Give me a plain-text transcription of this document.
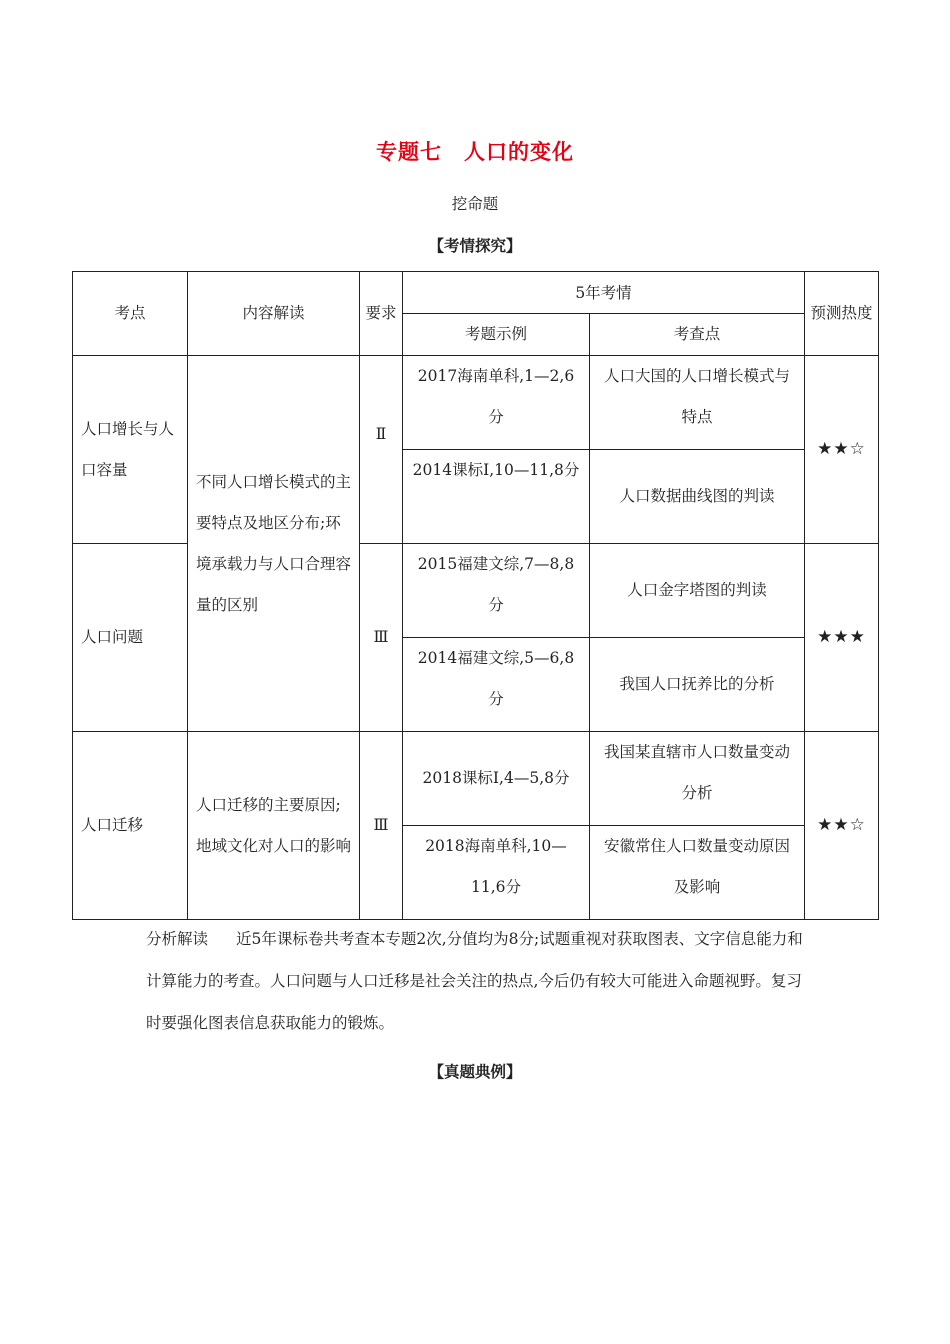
专题七　人口的变化
挖命题
【考情探究】
考点	内容解读	要求	5年考情		预测热度
			考题示例	考查点	
人口增长与人口容量	不同人口增长模式的主要特点及地区分布;环境承载力与人口合理容量的区别	Ⅱ	2017海南单科,1—2,6分	人口大国的人口增长模式与特点	★★☆
			2014课标Ⅰ,10—11,8分	人口数据曲线图的判读	
人口问题		Ⅲ	2015福建文综,7—8,8分	人口金字塔图的判读	★★★
			2014福建文综,5—6,8分	我国人口抚养比的分析	
人口迁移	人口迁移的主要原因;地域文化对人口的影响	Ⅲ	2018课标Ⅰ,4—5,8分	我国某直辖市人口数量变动分析	★★☆
			2018海南单科,10—11,6分	安徽常住人口数量变动原因及影响	
分析解读 近5年课标卷共考查本专题2次,分值均为8分;试题重视对获取图表、文字信息能力和计算能力的考查。人口问题与人口迁移是社会关注的热点,今后仍有较大可能进入命题视野。复习时要强化图表信息获取能力的锻炼。
【真题典例】
